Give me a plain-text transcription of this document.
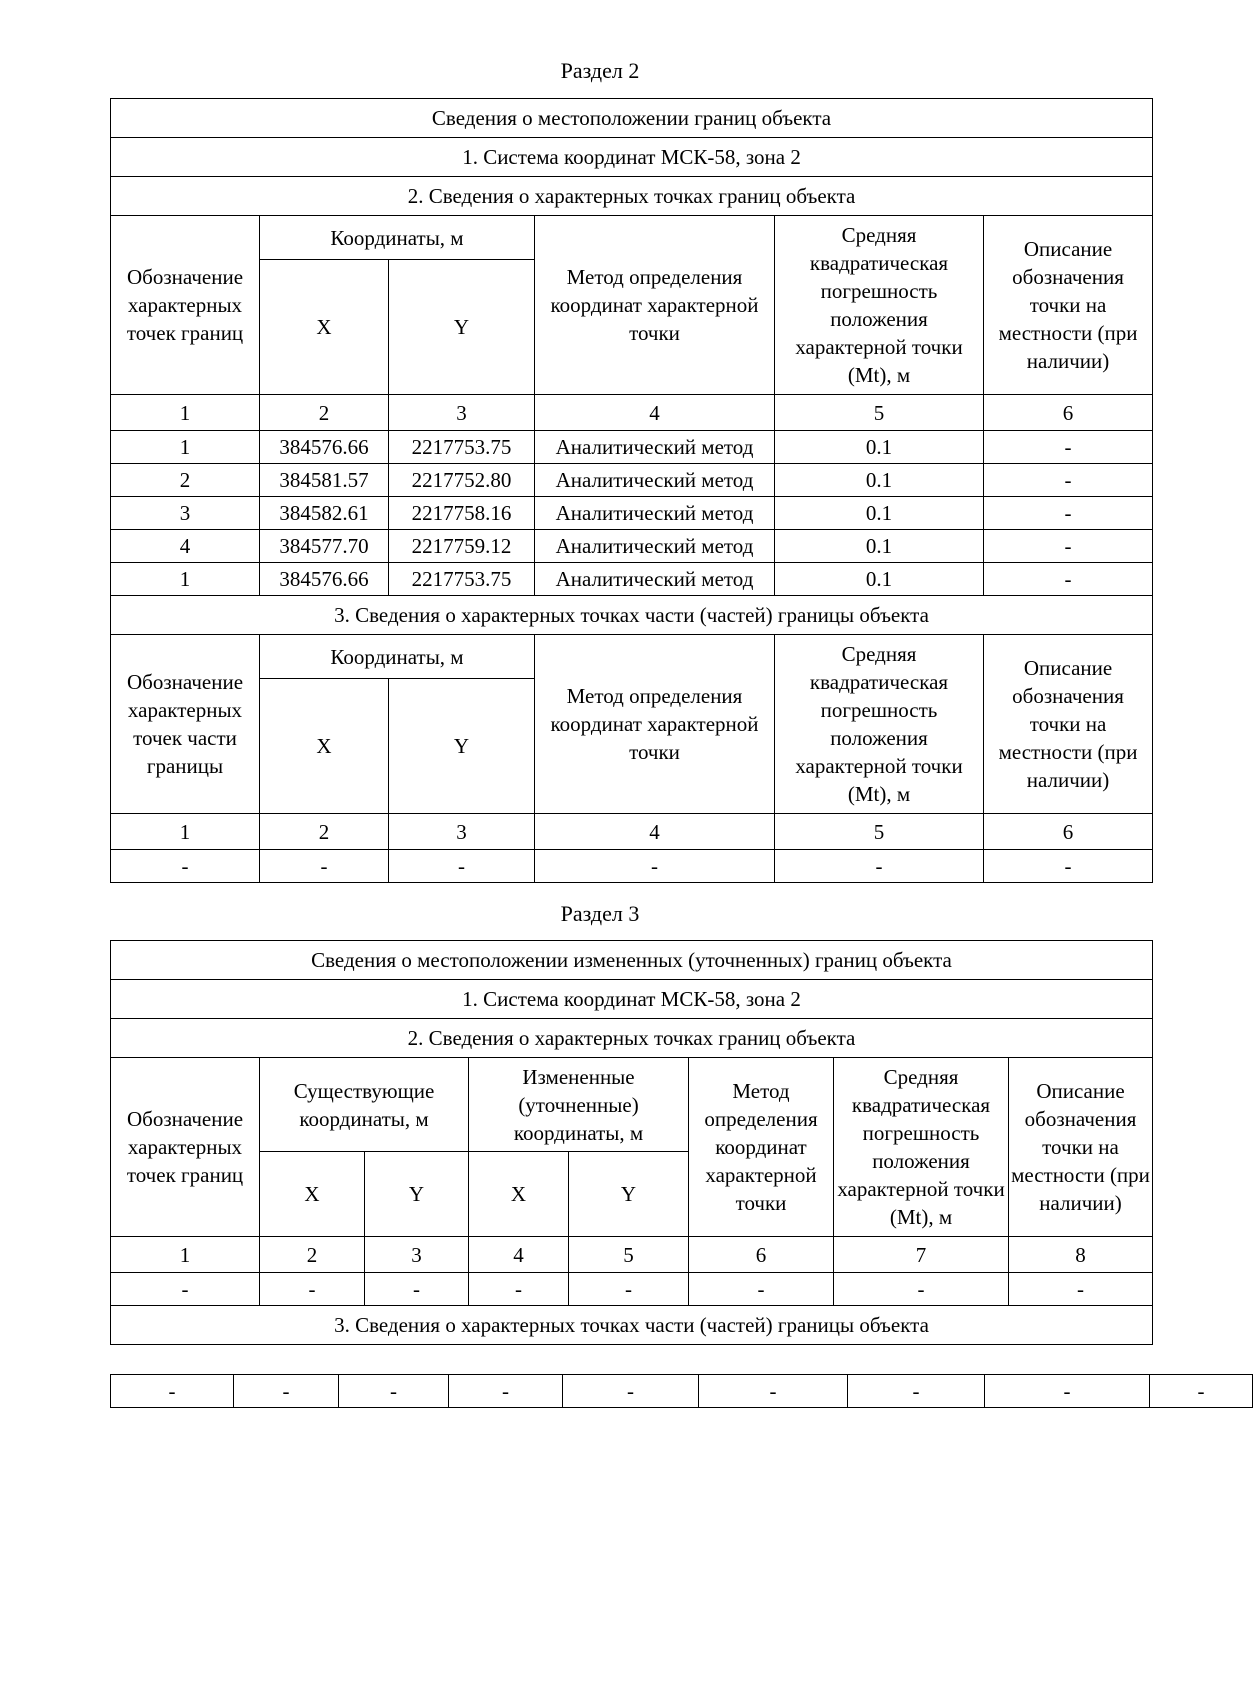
Раздел 2
Сведения о местоположении границ объекта					
1. Система координат МСК-58, зона 2					
2. Сведения о характерных точках границ объекта					
Обозначение характерных точек границ	Координаты, м		Метод определения координат характерной точки	Средняя квадратическая погрешность положения характерной точки (Mt), м	Описание обозначения точки на местности (при наличии)
	X	Y			
1	2	3	4	5	6
1	384576.66	2217753.75	Аналитический метод	0.1	-
2	384581.57	2217752.80	Аналитический метод	0.1	-
3	384582.61	2217758.16	Аналитический метод	0.1	-
4	384577.70	2217759.12	Аналитический метод	0.1	-
1	384576.66	2217753.75	Аналитический метод	0.1	-
3. Сведения о характерных точках части (частей) границы объекта					
Обозначение характерных точек части границы	Координаты, м		Метод определения координат характерной точки	Средняя квадратическая погрешность положения характерной точки (Mt), м	Описание обозначения точки на местности (при наличии)
	X	Y			
1	2	3	4	5	6
-	-	-	-	-	-
Раздел 3
Сведения о местоположении измененных (уточненных) границ объекта							
1. Система координат МСК-58, зона 2							
2. Сведения о характерных точках границ объекта							
Обозначение характерных точек границ	Существующие координаты, м		Измененные (уточненные) координаты, м		Метод определения координат характерной точки	Средняя квадратическая погрешность положения характерной точки (Mt), м	Описание обозначения точки на местности (при наличии)
	X	Y	X	Y			
1	2	3	4	5	6	7	8
-	-	-	-	-	-	-	-
3. Сведения о характерных точках части (частей) границы объекта							
-	-	-	-	-	-	-	-	-
